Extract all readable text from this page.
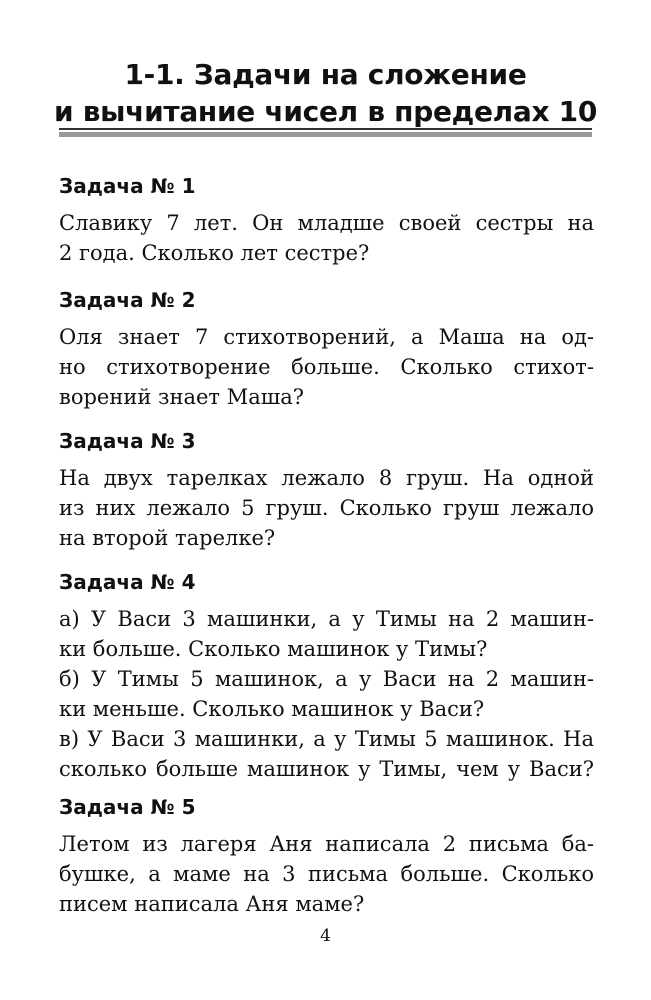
1-1. Задачи на сложение
и вычитание чисел в пределах 10
Задача № 1
Славику 7 лет. Он младше своей сестры на
2 года. Сколько лет сестре?
Задача № 2
Оля знает 7 стихотворений, а Маша на од-
но стихотворение больше. Сколько стихот-
ворений знает Маша?
Задача № 3
На двух тарелках лежало 8 груш. На одной
из них лежало 5 груш. Сколько груш лежало
на второй тарелке?
Задача № 4
а) У Васи 3 машинки, а у Тимы на 2 машин-
ки больше. Сколько машинок у Тимы?
б) У Тимы 5 машинок, а у Васи на 2 машин-
ки меньше. Сколько машинок у Васи?
в) У Васи 3 машинки, а у Тимы 5 машинок. На
сколько больше машинок у Тимы, чем у Васи?
Задача № 5
Летом из лагеря Аня написала 2 письма ба-
бушке, а маме на 3 письма больше. Сколько
писем написала Аня маме?
4
